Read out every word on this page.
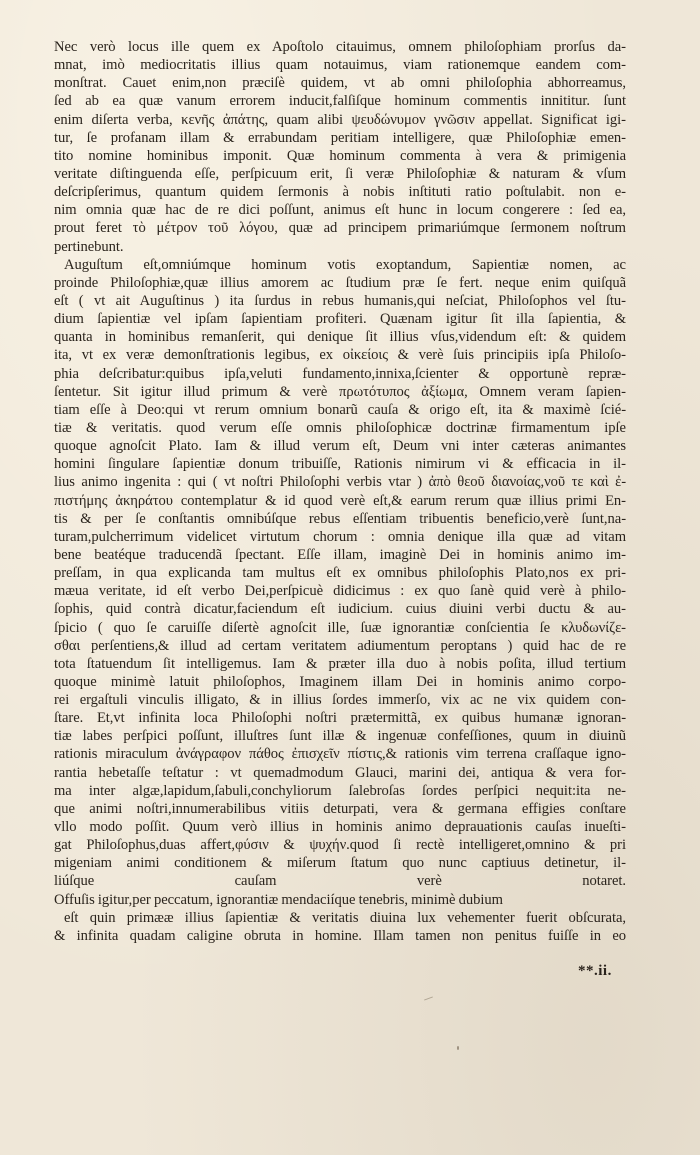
Nec verò locus ille quem ex Apoſtolo citauimus, omnem philoſophiam prorſus da-
mnat, imò mediocritatis illius quam notauimus, viam rationemque eandem com-
monſtrat. Cauet enim,non præciſè quidem, vt ab omni philoſophia abhorreamus,
ſed ab ea quæ vanum errorem inducit,falſiſque hominum commentis innititur. ſunt
enim diſerta verba, κενῆς ἀπάτης, quam alibi ψευδώνυμον γνῶσιν appellat. Significat igi-
tur, ſe profanam illam & errabundam peritiam intelligere, quæ Philoſophiæ emen-
tito nomine hominibus imponit. Quæ hominum commenta à vera & primigenia
veritate diſtinguenda eſſe, perſpicuum erit, ſi veræ Philoſophiæ & naturam & vſum
deſcripſerimus, quantum quidem ſermonis à nobis inſtituti ratio poſtulabit. non e-
nim omnia quæ hac de re dici poſſunt, animus eſt hunc in locum congerere : ſed ea,
prout feret τὸ μέτρον τοῦ λόγου, quæ ad principem primariúmque ſermonem noſtrum
pertinebunt.
Auguſtum eſt,omniúmque hominum votis exoptandum, Sapientiæ nomen, ac
proinde Philoſophiæ,quæ illius amorem ac ſtudium præ ſe fert. neque enim quiſquã
eſt ( vt ait Auguſtinus ) ita ſurdus in rebus humanis,qui neſciat, Philoſophos vel ſtu-
dium ſapientiæ vel ipſam ſapientiam profiteri. Quænam igitur ſit illa ſapientia, &
quanta in hominibus remanſerit, qui denique ſit illius vſus,videndum eſt: & quidem
ita, vt ex veræ demonſtrationis legibus, ex οἰκείοις & verè ſuis principiis ipſa Philoſo-
phia deſcribatur:quibus ipſa,veluti fundamento,innixa,ſcienter & opportunè repræ-
ſentetur. Sit igitur illud primum & verè πρωτότυπος ἀξίωμα, Omnem veram ſapien-
tiam eſſe à Deo:qui vt rerum omnium bonarũ cauſa & origo eſt, ita & maximè ſcié-
tiæ & veritatis. quod verum eſſe omnis philoſophicæ doctrinæ firmamentum ipſe
quoque agnoſcit Plato. Iam & illud verum eſt, Deum vni inter cæteras animantes
homini ſingulare ſapientiæ donum tribuiſſe, Rationis nimirum vi & efficacia in il-
lius animo ingenita : qui ( vt noſtri Philoſophi verbis vtar ) ἀπὸ θεοῦ διανοίας,νοῦ τε καὶ ἐ-
πιστήμης ἀκηράτου contemplatur & id quod verè eſt,& earum rerum quæ illius primi En-
tis & per ſe conſtantis omnibúſque rebus eſſentiam tribuentis beneficio,verè ſunt,na-
turam,pulcherrimum videlicet virtutum chorum : omnia denique illa quæ ad vitam
bene beatéque traducendã ſpectant. Eſſe illam, imaginè Dei in hominis animo im-
preſſam, in qua explicanda tam multus eſt ex omnibus philoſophis Plato,nos ex pri-
mæua veritate, id eſt verbo Dei,perſpicuè didicimus : ex quo ſanè quid verè à philo-
ſophis, quid contrà dicatur,faciendum eſt iudicium. cuius diuini verbi ductu & au-
ſpicio ( quo ſe caruiſſe diſertè agnoſcit ille, ſuæ ignorantiæ conſcientia ſe κλυδωνίζε-
σθαι perſentiens,& illud ad certam veritatem adiumentum peroptans ) quid hac de re
tota ſtatuendum ſit intelligemus. Iam & præter illa duo à nobis poſita, illud tertium
quoque minimè latuit philoſophos, Imaginem illam Dei in hominis animo corpo-
rei ergaſtuli vinculis illigato, & in illius ſordes immerſo, vix ac ne vix quidem con-
ſtare. Et,vt infinita loca Philoſophi noſtri prætermittã, ex quibus humanæ ignoran-
tiæ labes perſpici poſſunt, illuſtres ſunt illæ & ingenuæ confeſſiones, quum in diuinũ
rationis miraculum ἀνάγραφον πάθος ἐπισχεῖν πίστις,& rationis vim terrena craſſaque igno-
rantia hebetaſſe teſtatur : vt quemadmodum Glauci, marini dei, antiqua & vera for-
ma inter algæ,lapidum,ſabuli,conchyliorum ſalebroſas ſordes perſpici nequit:ita ne-
que animi noſtri,innumerabilibus vitiis deturpati, vera & germana effigies conſtare
vllo modo poſſit. Quum verò illius in hominis animo deprauationis cauſas inueſti-
gat Philoſophus,duas affert,φύσιν & ψυχήν.quod ſi rectè intelligeret,omnino & pri
migeniam animi conditionem & miſerum ſtatum quo nunc captiuus detinetur, il-
liúſque cauſam verè notaret.
Offuſis igitur,per peccatum, ignorantiæ mendaciíque tenebris, minimè dubium
eſt quin primææ illius ſapientiæ & veritatis diuina lux vehementer fuerit obſcurata,
& infinita quadam caligine obruta in homine. Illam tamen non penitus fuiſſe in eo
**.ii.
